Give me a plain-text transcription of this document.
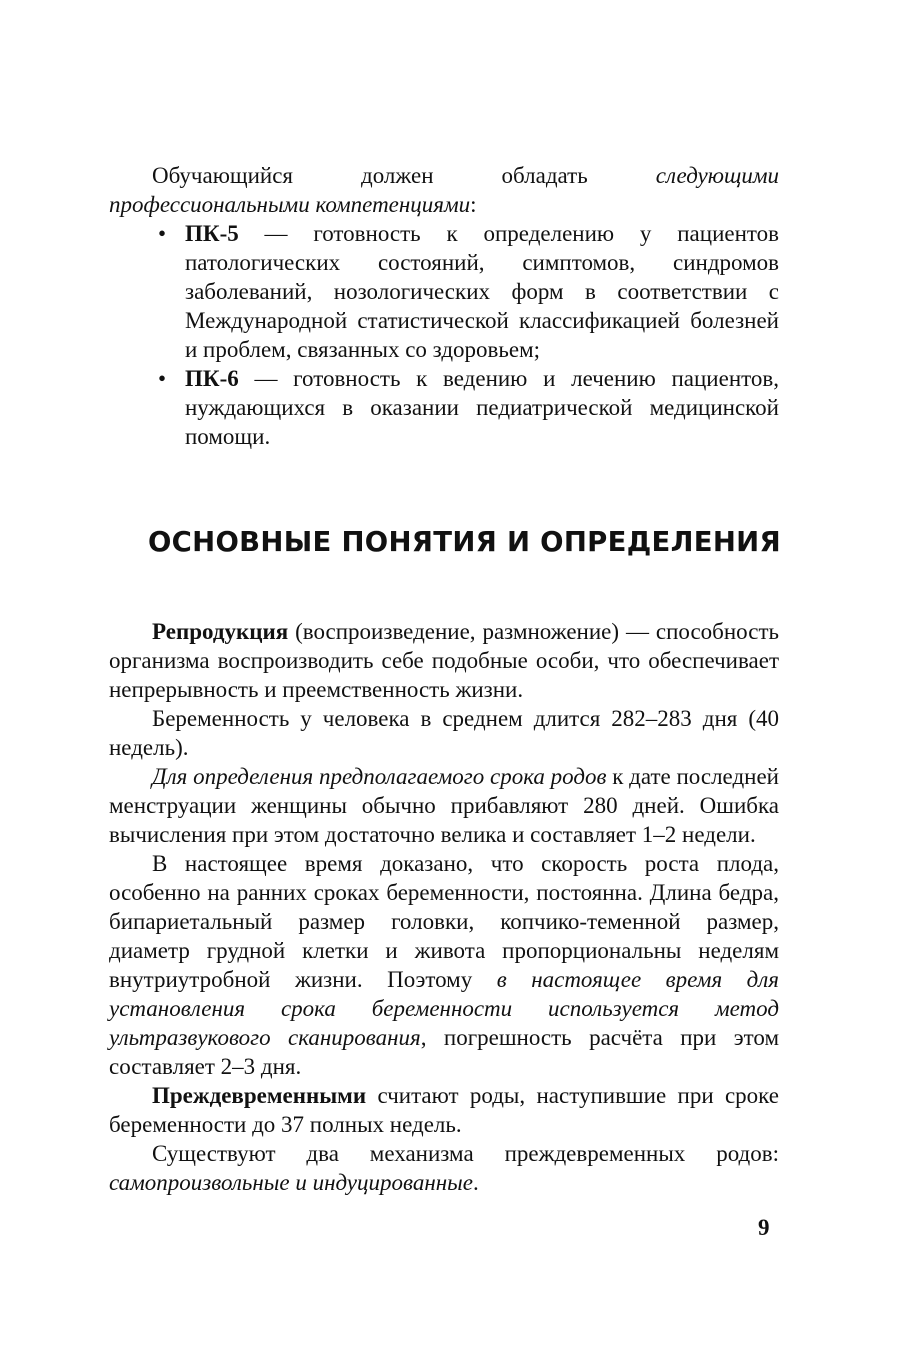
Обучающийся должен обладать следующими профессиональными компетенциями:

• ПК-5 — готовность к определению у пациентов патологических состояний, симптомов, синдромов заболеваний, нозологических форм в соответствии с Международной статистической классификацией болезней и проблем, связанных со здоровьем;
• ПК-6 — готовность к ведению и лечению пациентов, нуждающихся в оказании педиатрической медицинской помощи.
ОСНОВНЫЕ ПОНЯТИЯ И ОПРЕДЕЛЕНИЯ

Репродукция (воспроизведение, размножение) — способность организма воспроизводить себе подобные особи, что обеспечивает непрерывность и преемственность жизни.

Беременность у человека в среднем длится 282–283 дня (40 недель).

Для определения предполагаемого срока родов к дате последней менструации женщины обычно прибавляют 280 дней. Ошибка вычисления при этом достаточно велика и составляет 1–2 недели.

В настоящее время доказано, что скорость роста плода, особенно на ранних сроках беременности, постоянна. Длина бедра, бипариетальный размер головки, копчико-теменной размер, диаметр грудной клетки и живота пропорциональны неделям внутриутробной жизни. Поэтому в настоящее время для установления срока беременности используется метод ультразвукового сканирования, погрешность расчёта при этом составляет 2–3 дня.

Преждевременными считают роды, наступившие при сроке беременности до 37 полных недель.

Существуют два механизма преждевременных родов: самопроизвольные и индуцированные.

9
